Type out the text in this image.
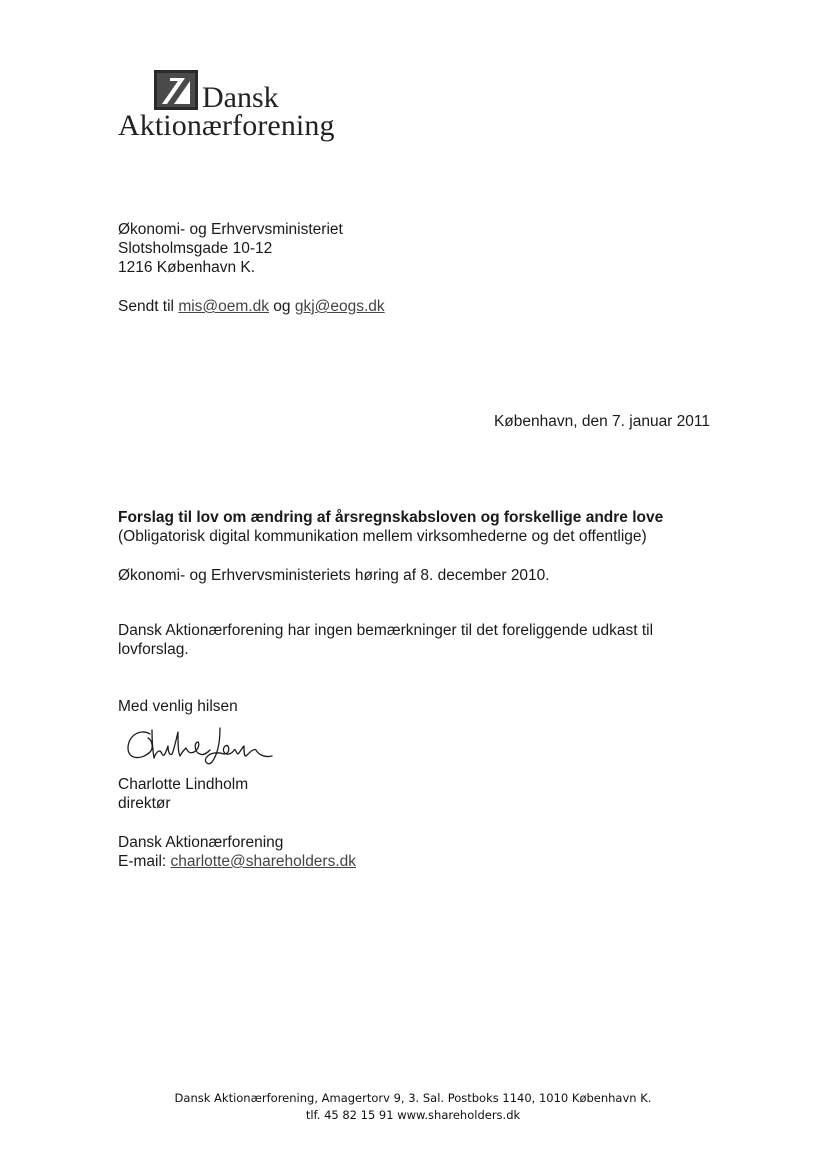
Dansk
Aktionærforening
Økonomi- og Erhvervsministeriet
Slotsholmsgade 10-12
1216 København K.
Sendt til mis@oem.dk og gkj@eogs.dk
København, den 7. januar 2011
Forslag til lov om ændring af årsregnskabsloven og forskellige andre love
(Obligatorisk digital kommunikation mellem virksomhederne og det offentlige)
Økonomi- og Erhvervsministeriets høring af 8. december 2010.
Dansk Aktionærforening har ingen bemærkninger til det foreliggende udkast til
lovforslag.
Med venlig hilsen
Charlotte Lindholm
direktør
Dansk Aktionærforening
E-mail: charlotte@shareholders.dk
Dansk Aktionærforening, Amagertorv 9, 3. Sal. Postboks 1140, 1010 København K.
tlf. 45 82 15 91 www.shareholders.dk
